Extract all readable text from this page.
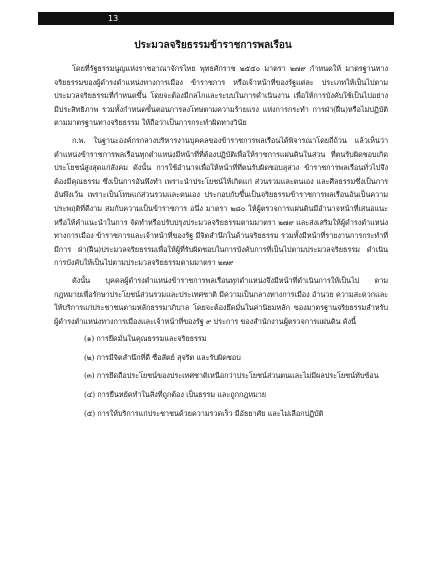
13
ประมวลจริยธรรมข้าราชการพลเรือน

โดยที่รัฐธรรมนูญแห่งราชอาณาจักรไทย พุทธศักราช ๒๕๕๐ มาตรา ๒๗๙ กำหนดให้ มาตรฐานทางจริยธรรมของผู้ดำรงตำแหน่งทางการเมือง ข้าราชการ หรือเจ้าหน้าที่ของรัฐแต่ละ ประเภทให้เป็นไปตามประมวลจริยธรรมที่กำหนดขึ้น โดยจะต้องมีกลไกและระบบในการดำเนินงาน เพื่อให้การบังคับใช้เป็นไปอย่างมีประสิทธิภาพ รวมทั้งกำหนดขั้นตอนการลงโทษตามความร้ายแรง แห่งการกระทำ การฝ่า(ฝืน)หรือไม่ปฏิบัติตามมาตรฐานทางจริยธรรม ให้ถือว่าเป็นการกระทำผิดทางวินัย

ก.พ. ในฐานะองค์กรกลางบริหารงานบุคคลของข้าราชการพลเรือนได้พิจารณาโดยถี่ถ้วน แล้วเห็นว่า ตำแหน่งข้าราชการพลเรือนทุกตำแหน่งมีหน้าที่ที่ต้องปฏิบัติเพื่อให้ราชการแผ่นดินในส่วน ที่ตนรับผิดชอบเกิดประโยชน์สูงสุดแก่สังคม ดังนั้น การใช้อำนาจเพื่อให้หน้าที่ที่ตนรับผิดชอบลุล่วง ข้าราชการพลเรือนทั่วไปจึงต้องมีคุณธรรม ซึ่งเป็นการอันพึงทำ เพราะนำประโยชน์ให้เกิดแก่ ส่วนรวมและตนเอง และศีลธรรมซึ่งเป็นการอันพึงเว้น เพราะเป็นโทษแก่ส่วนรวมและตนเอง ประกอบกับขึ้นเป็นจริยธรรมข้าราชการพลเรือนอันเป็นความประพฤติที่ดีงาม สมกับความเป็นข้าราชการ อนึ่ง มาตรา ๒๘๐ ให้ผู้ตรวจการแผ่นดินมีอำนาจหน้าที่เสนอแนะหรือให้คำแนะนำในการ จัดทำหรือปรับปรุงประมวลจริยธรรมตามมาตรา ๒๗๙ และส่งเสริมให้ผู้ดำรงตำแหน่งทางการเมือง ข้าราชการและเจ้าหน้าที่ของรัฐ มีจิตสำนึกในด้านจริยธรรม รวมทั้งมีหน้าที่รายงานการกระทำที่มีการ ฝ่า(ฝืน)ประมวลจริยธรรมเพื่อให้ผู้ที่รับผิดชอบในการบังคับการที่เป็นไปตามประมวลจริยธรรม ดำเนินการบังคับให้เป็นไปตามประมวลจริยธรรมตามมาตรา ๒๗๙

ดังนั้น บุคคลผู้ดำรงตำแหน่งข้าราชการพลเรือนทุกตำแหน่งจึงมีหน้าที่ดำเนินการให้เป็นไป ตามกฎหมายเพื่อรักษาประโยชน์ส่วนรวมและประเทศชาติ มีความเป็นกลางทางการเมือง อำนวย ความสะดวกและให้บริการแก่ประชาชนตามหลักธรรมาภิบาล โดยจะต้องยึดมั่นในค่านิยมหลัก ของมาตรฐานจริยธรรมสำหรับผู้ดำรงตำแหน่งทางการเมืองและเจ้าหน้าที่ของรัฐ ๙ ประการ ของสำนักงานผู้ตรวจการแผ่นดิน ดังนี้

(๑) การยึดมั่นในคุณธรรมและจริยธรรม
(๒) การมีจิตสำนึกที่ดี ซื่อสัตย์ สุจริต และรับผิดชอบ
(๓) การยึดถือประโยชน์ของประเทศชาติเหนือกว่าประโยชน์ส่วนตนและไม่มีผลประโยชน์ทับซ้อน
(๔) การยืนหยัดทำในสิ่งที่ถูกต้อง เป็นธรรม และถูกกฎหมาย
(๕) การให้บริการแก่ประชาชนด้วยความรวดเร็ว มีอัธยาศัย และไม่เลือกปฏิบัติ
